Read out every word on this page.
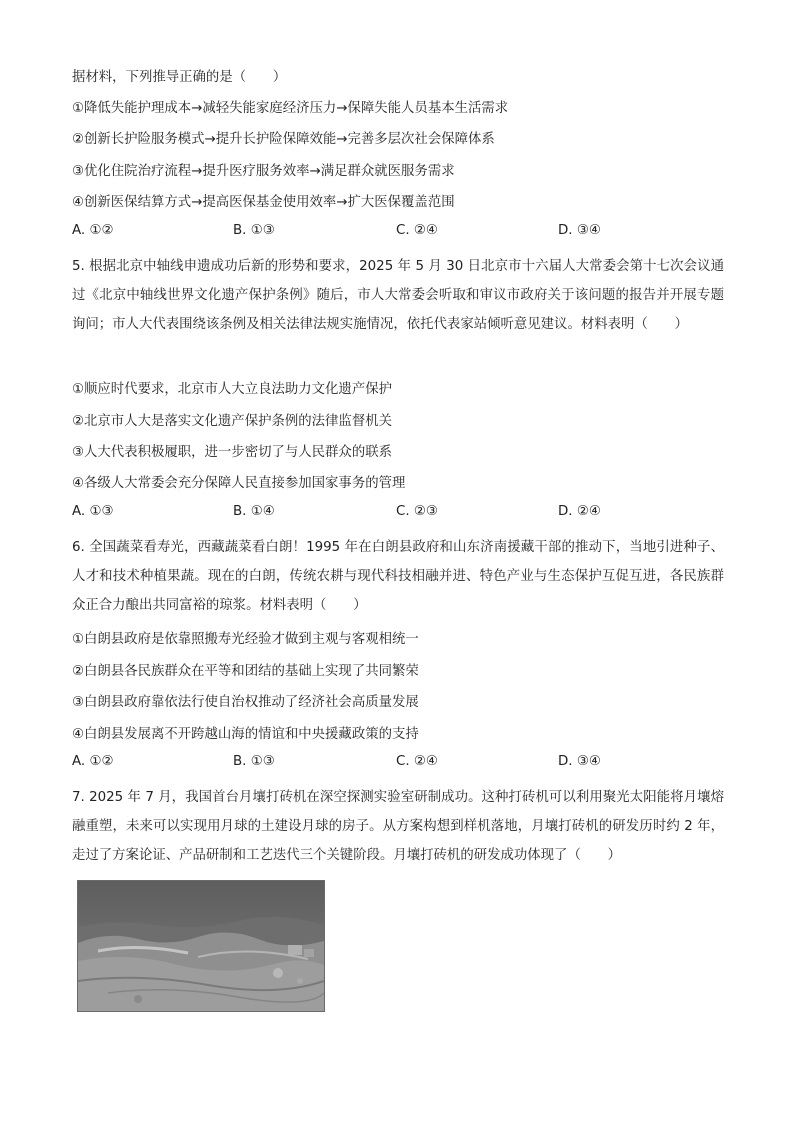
据材料，下列推导正确的是（　　）
①降低失能护理成本→减轻失能家庭经济压力→保障失能人员基本生活需求
②创新长护险服务模式→提升长护险保障效能→完善多层次社会保障体系
③优化住院治疗流程→提升医疗服务效率→满足群众就医服务需求
④创新医保结算方式→提高医保基金使用效率→扩大医保覆盖范围
A. ①②	B. ①③	C. ②④	D. ③④
5. 根据北京中轴线申遗成功后新的形势和要求，2025 年 5 月 30 日北京市十六届人大常委会第十七次会议通过《北京中轴线世界文化遗产保护条例》随后，市人大常委会听取和审议市政府关于该问题的报告并开展专题询问；市人大代表围绕该条例及相关法律法规实施情况，依托代表家站倾听意见建议。材料表明（　　）
①顺应时代要求，北京市人大立良法助力文化遗产保护
②北京市人大是落实文化遗产保护条例的法律监督机关
③人大代表积极履职，进一步密切了与人民群众的联系
④各级人大常委会充分保障人民直接参加国家事务的管理
A. ①③	B. ①④	C. ②③	D. ②④
6. 全国蔬菜看寿光，西藏蔬菜看白朗！1995 年在白朗县政府和山东济南援藏干部的推动下，当地引进种子、人才和技术种植果蔬。现在的白朗，传统农耕与现代科技相融并进、特色产业与生态保护互促互进，各民族群众正合力酿出共同富裕的琼浆。材料表明（　　）
①白朗县政府是依靠照搬寿光经验才做到主观与客观相统一
②白朗县各民族群众在平等和团结的基础上实现了共同繁荣
③白朗县政府靠依法行使自治权推动了经济社会高质量发展
④白朗县发展离不开跨越山海的情谊和中央援藏政策的支持
A. ①②	B. ①③	C. ②④	D. ③④
7. 2025 年 7 月，我国首台月壤打砖机在深空探测实验室研制成功。这种打砖机可以利用聚光太阳能将月壤熔融重塑，未来可以实现用月球的土建设月球的房子。从方案构想到样机落地，月壤打砖机的研发历时约 2 年，走过了方案论证、产品研制和工艺迭代三个关键阶段。月壤打砖机的研发成功体现了（　　）
